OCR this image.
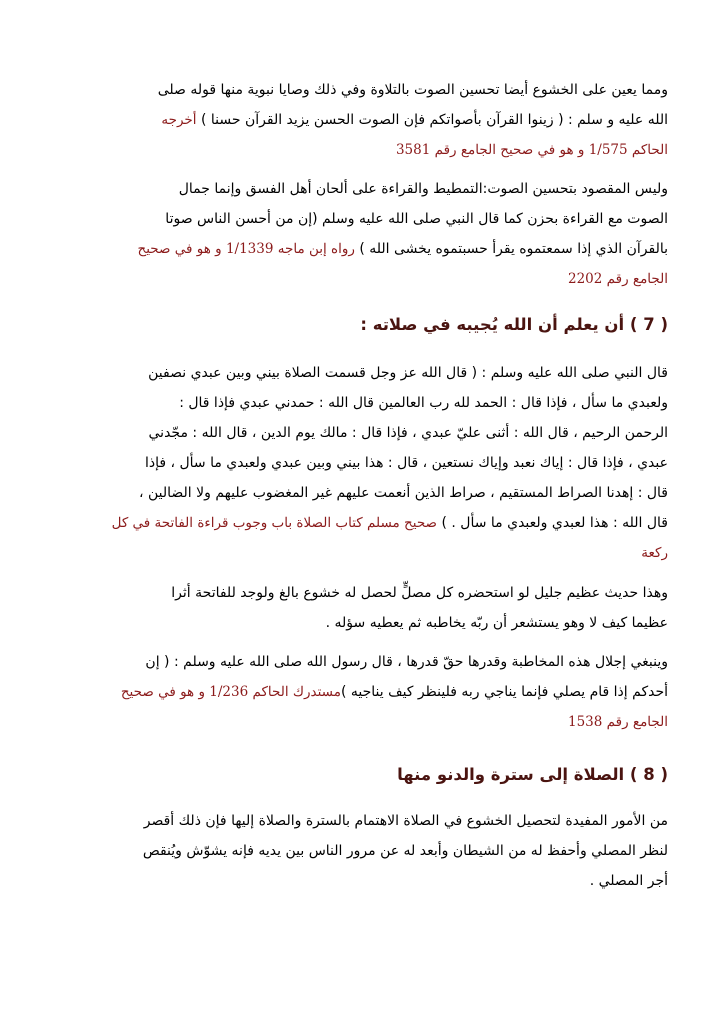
ومما يعين على الخشوع أيضا تحسين الصوت بالتلاوة وفي ذلك وصايا نبوية منها قوله صلى
الله عليه و سلم : ( زينوا القرآن بأصواتكم فإن الصوت الحسن يزيد القرآن حسنا ) أخرجه
الحاكم 1/575 و هو في صحيح الجامع رقم 3581
وليس المقصود بتحسين الصوت:التمطيط والقراءة على ألحان أهل الفسق وإنما جمال
الصوت مع القراءة بحزن كما قال النبي صلى الله عليه وسلم (إن من أحسن الناس صوتا
بالقرآن الذي إذا سمعتموه يقرأ حسبتموه يخشى الله ) رواه إبن ماجه 1/1339 و هو في صحيح
الجامع رقم 2202
( 7 ) أن يعلم أن الله يُجيبه في صلاته :
قال النبي صلى الله عليه وسلم : ( قال الله عز وجل قسمت الصلاة بيني وبين عبدي نصفين
ولعبدي ما سأل ، فإذا قال : الحمد لله رب العالمين قال الله : حمدني عبدي فإذا قال :
الرحمن الرحيم ، قال الله : أثنى عليّ عبدي ، فإذا قال : مالك يوم الدين ، قال الله : مجّدني
عبدي ، فإذا قال : إياك نعبد وإياك نستعين ، قال : هذا بيني وبين عبدي ولعبدي ما سأل ، فإذا
قال : إهدنا الصراط المستقيم ، صراط الذين أنعمت عليهم غير المغضوب عليهم ولا الضالين ،
قال الله : هذا لعبدي ولعبدي ما سأل . ) صحيح مسلم كتاب الصلاة باب وجوب قراءة الفاتحة في كل
ركعة
وهذا حديث عظيم جليل لو استحضره كل مصلٍّ لحصل له خشوع بالغ ولوجد للفاتحة أثرا
عظيما كيف لا وهو يستشعر أن ربّه يخاطبه ثم يعطيه سؤله .
وينبغي إجلال هذه المخاطبة وقدرها حقّ قدرها ، قال رسول الله صلى الله عليه وسلم : ( إن
أحدكم إذا قام يصلي فإنما يناجي ربه فلينظر كيف يناجيه )مستدرك الحاكم 1/236 و هو في صحيح
الجامع رقم 1538
( 8 ) الصلاة إلى سترة والدنو منها
من الأمور المفيدة لتحصيل الخشوع في الصلاة الاهتمام بالسترة والصلاة إليها فإن ذلك أقصر
لنظر المصلي وأحفظ له من الشيطان وأبعد له عن مرور الناس بين يديه فإنه يشوّش ويُنقص
أجر المصلي .
